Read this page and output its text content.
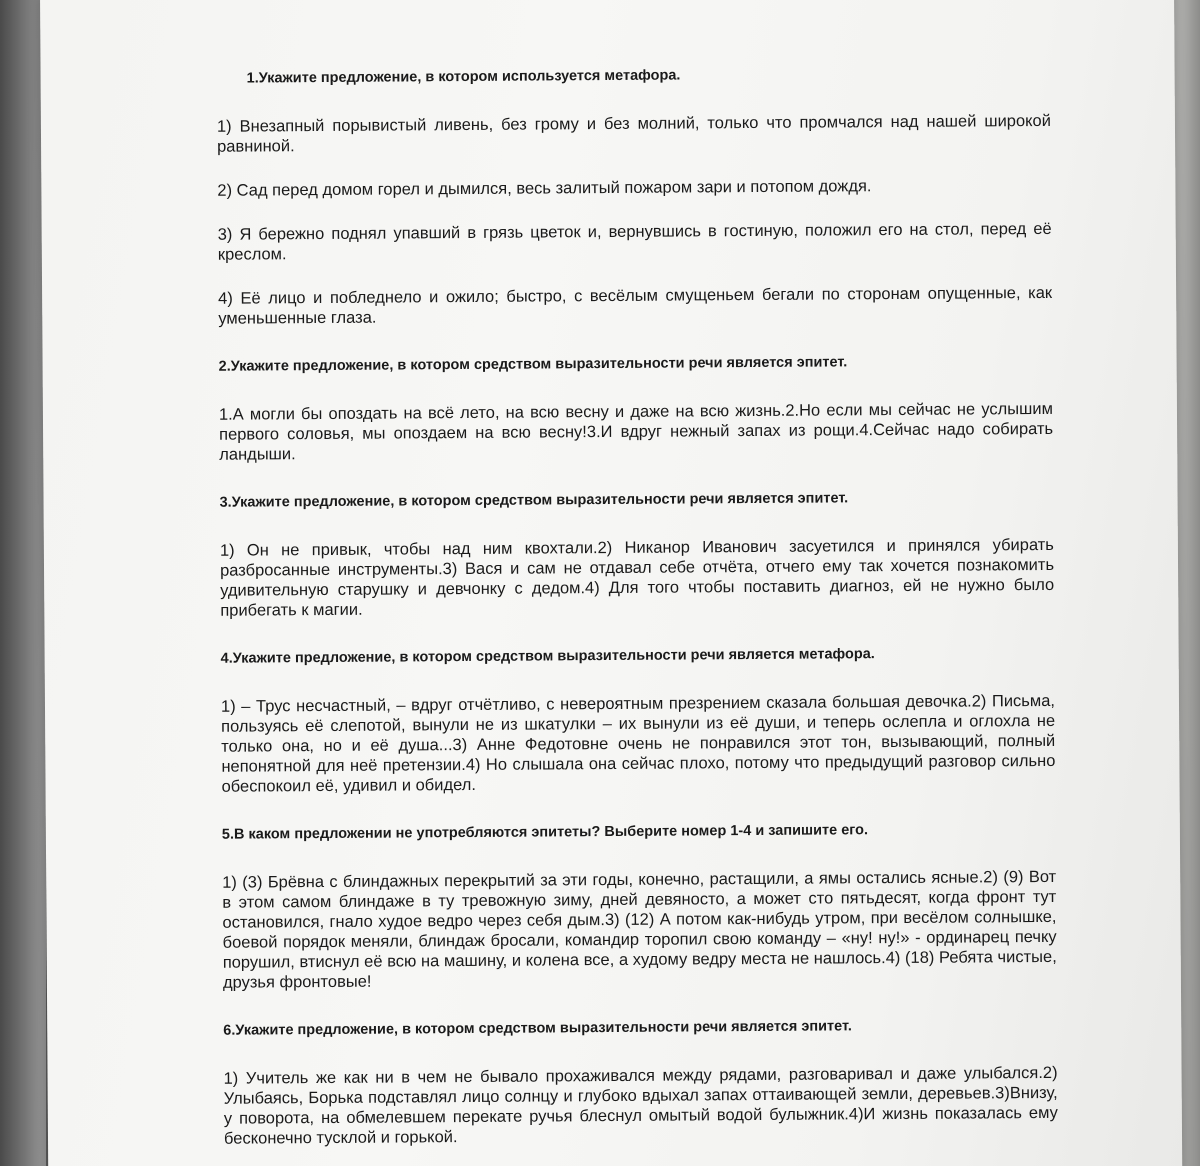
1.Укажите предложение, в котором используется метафора.

1) Внезапный порывистый ливень, без грому и без молний, только что промчался над нашей широкой равниной.

2) Сад перед домом горел и дымился, весь залитый пожаром зари и потопом дождя.

3) Я бережно поднял упавший в грязь цветок и, вернувшись в гостиную, положил его на стол, перед её креслом.

4) Её лицо и побледнело и ожило; быстро, с весёлым смущеньем бегали по сторонам опущенные, как уменьшенные глаза.

2.Укажите предложение, в котором средством выразительности речи является эпитет.

1.А могли бы опоздать на всё лето, на всю весну и даже на всю жизнь.2.Но если мы сейчас не услышим первого соловья, мы опоздаем на всю весну!3.И вдруг нежный запах из рощи.4.Сейчас надо собирать ландыши.

3.Укажите предложение, в котором средством выразительности речи является эпитет.

1) Он не привык, чтобы над ним квохтали.2) Никанор Иванович засуетился и принялся убирать разбросанные инструменты.3) Вася и сам не отдавал себе отчёта, отчего ему так хочется познакомить удивительную старушку и девчонку с дедом.4) Для того чтобы поставить диагноз, ей не нужно было прибегать к магии.

4.Укажите предложение, в котором средством выразительности речи является метафора.

1) – Трус несчастный, – вдруг отчётливо, с невероятным презрением сказала большая девочка.2) Письма, пользуясь её слепотой, вынули не из шкатулки – их вынули из её души, и теперь ослепла и оглохла не только она, но и её душа...3) Анне Федотовне очень не понравился этот тон, вызывающий, полный непонятной для неё претензии.4) Но слышала она сейчас плохо, потому что предыдущий разговор сильно обеспокоил её, удивил и обидел.

5.В каком предложении не употребляются эпитеты? Выберите номер 1-4 и запишите его.

1) (3) Брёвна с блиндажных перекрытий за эти годы, конечно, растащили, а ямы остались ясные.2) (9) Вот в этом самом блиндаже в ту тревожную зиму, дней девяносто, а может сто пятьдесят, когда фронт тут остановился, гнало худое ведро через себя дым.3) (12) А потом как-нибудь утром, при весёлом солнышке, боевой порядок меняли, блиндаж бросали, командир торопил свою команду – «ну! ну!» - ординарец печку порушил, втиснул её всю на машину, и колена все, а худому ведру места не нашлось.4) (18) Ребята чистые, друзья фронтовые!

6.Укажите предложение, в котором средством выразительности речи является эпитет.

1) Учитель же как ни в чем не бывало прохаживался между рядами, разговаривал и даже улыбался.2) Улыбаясь, Борька подставлял лицо солнцу и глубоко вдыхал запах оттаивающей земли, деревьев.3)Внизу, у поворота, на обмелевшем перекате ручья блеснул омытый водой булыжник.4)И жизнь показалась ему бесконечно тусклой и горькой.
